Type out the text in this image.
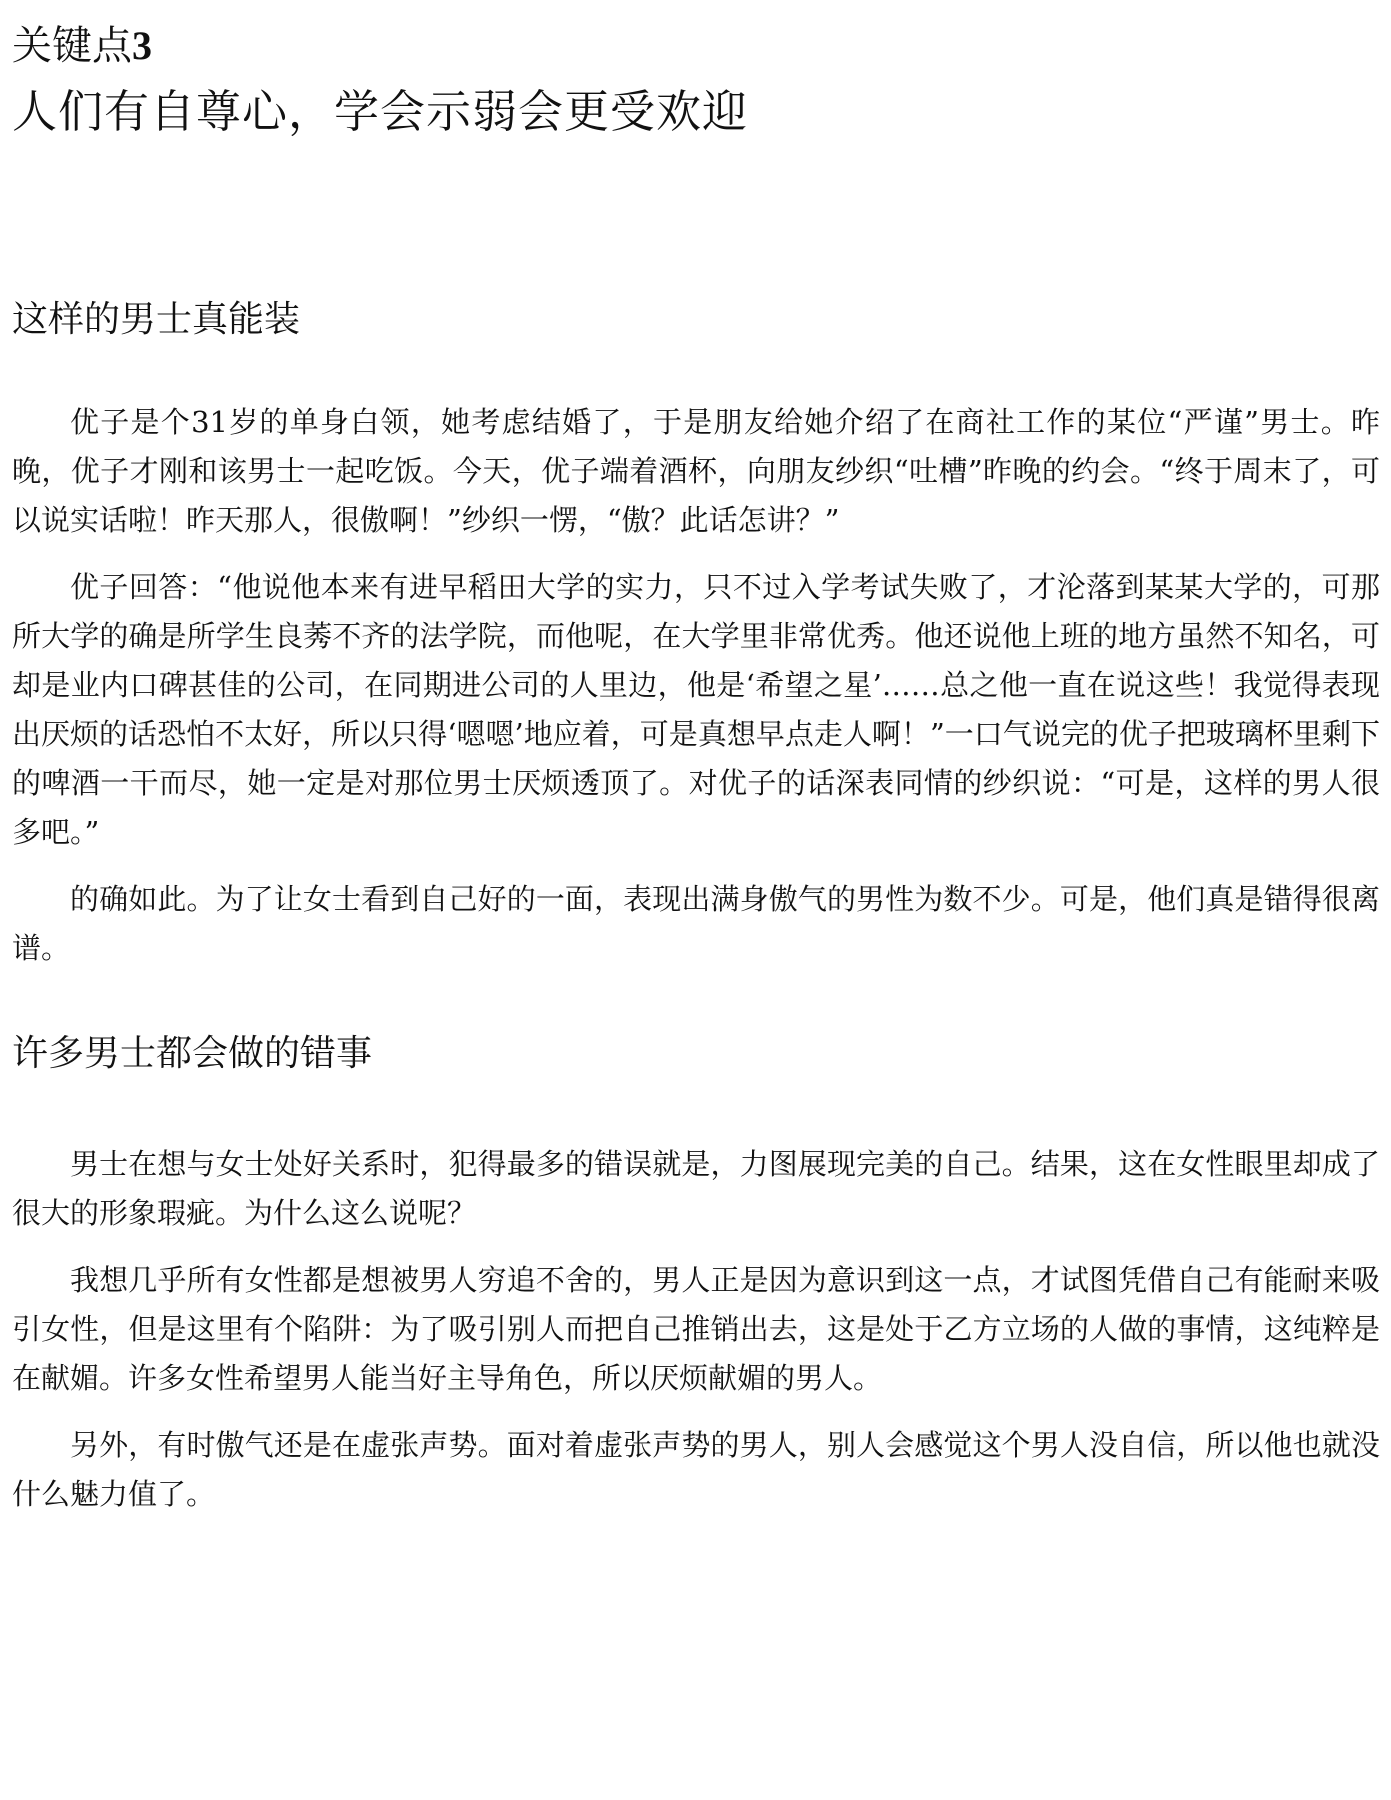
关键点3
人们有自尊心，学会示弱会更受欢迎
这样的男士真能装

优子是个31岁的单身白领，她考虑结婚了，于是朋友给她介绍了在商社工作的某位“严谨”男士。昨晚，优子才刚和该男士一起吃饭。今天，优子端着酒杯，向朋友纱织“吐槽”昨晚的约会。“终于周末了，可以说实话啦！昨天那人，很傲啊！”纱织一愣，“傲？此话怎讲？”

优子回答：“他说他本来有进早稻田大学的实力，只不过入学考试失败了，才沦落到某某大学的，可那所大学的确是所学生良莠不齐的法学院，而他呢，在大学里非常优秀。他还说他上班的地方虽然不知名，可却是业内口碑甚佳的公司，在同期进公司的人里边，他是‘希望之星’……总之他一直在说这些！我觉得表现出厌烦的话恐怕不太好，所以只得‘嗯嗯’地应着，可是真想早点走人啊！”一口气说完的优子把玻璃杯里剩下的啤酒一干而尽，她一定是对那位男士厌烦透顶了。对优子的话深表同情的纱织说：“可是，这样的男人很多吧。”

的确如此。为了让女士看到自己好的一面，表现出满身傲气的男性为数不少。可是，他们真是错得很离谱。

许多男士都会做的错事

男士在想与女士处好关系时，犯得最多的错误就是，力图展现完美的自己。结果，这在女性眼里却成了很大的形象瑕疵。为什么这么说呢？

我想几乎所有女性都是想被男人穷追不舍的，男人正是因为意识到这一点，才试图凭借自己有能耐来吸引女性，但是这里有个陷阱：为了吸引别人而把自己推销出去，这是处于乙方立场的人做的事情，这纯粹是在献媚。许多女性希望男人能当好主导角色，所以厌烦献媚的男人。

另外，有时傲气还是在虚张声势。面对着虚张声势的男人，别人会感觉这个男人没自信，所以他也就没什么魅力值了。
